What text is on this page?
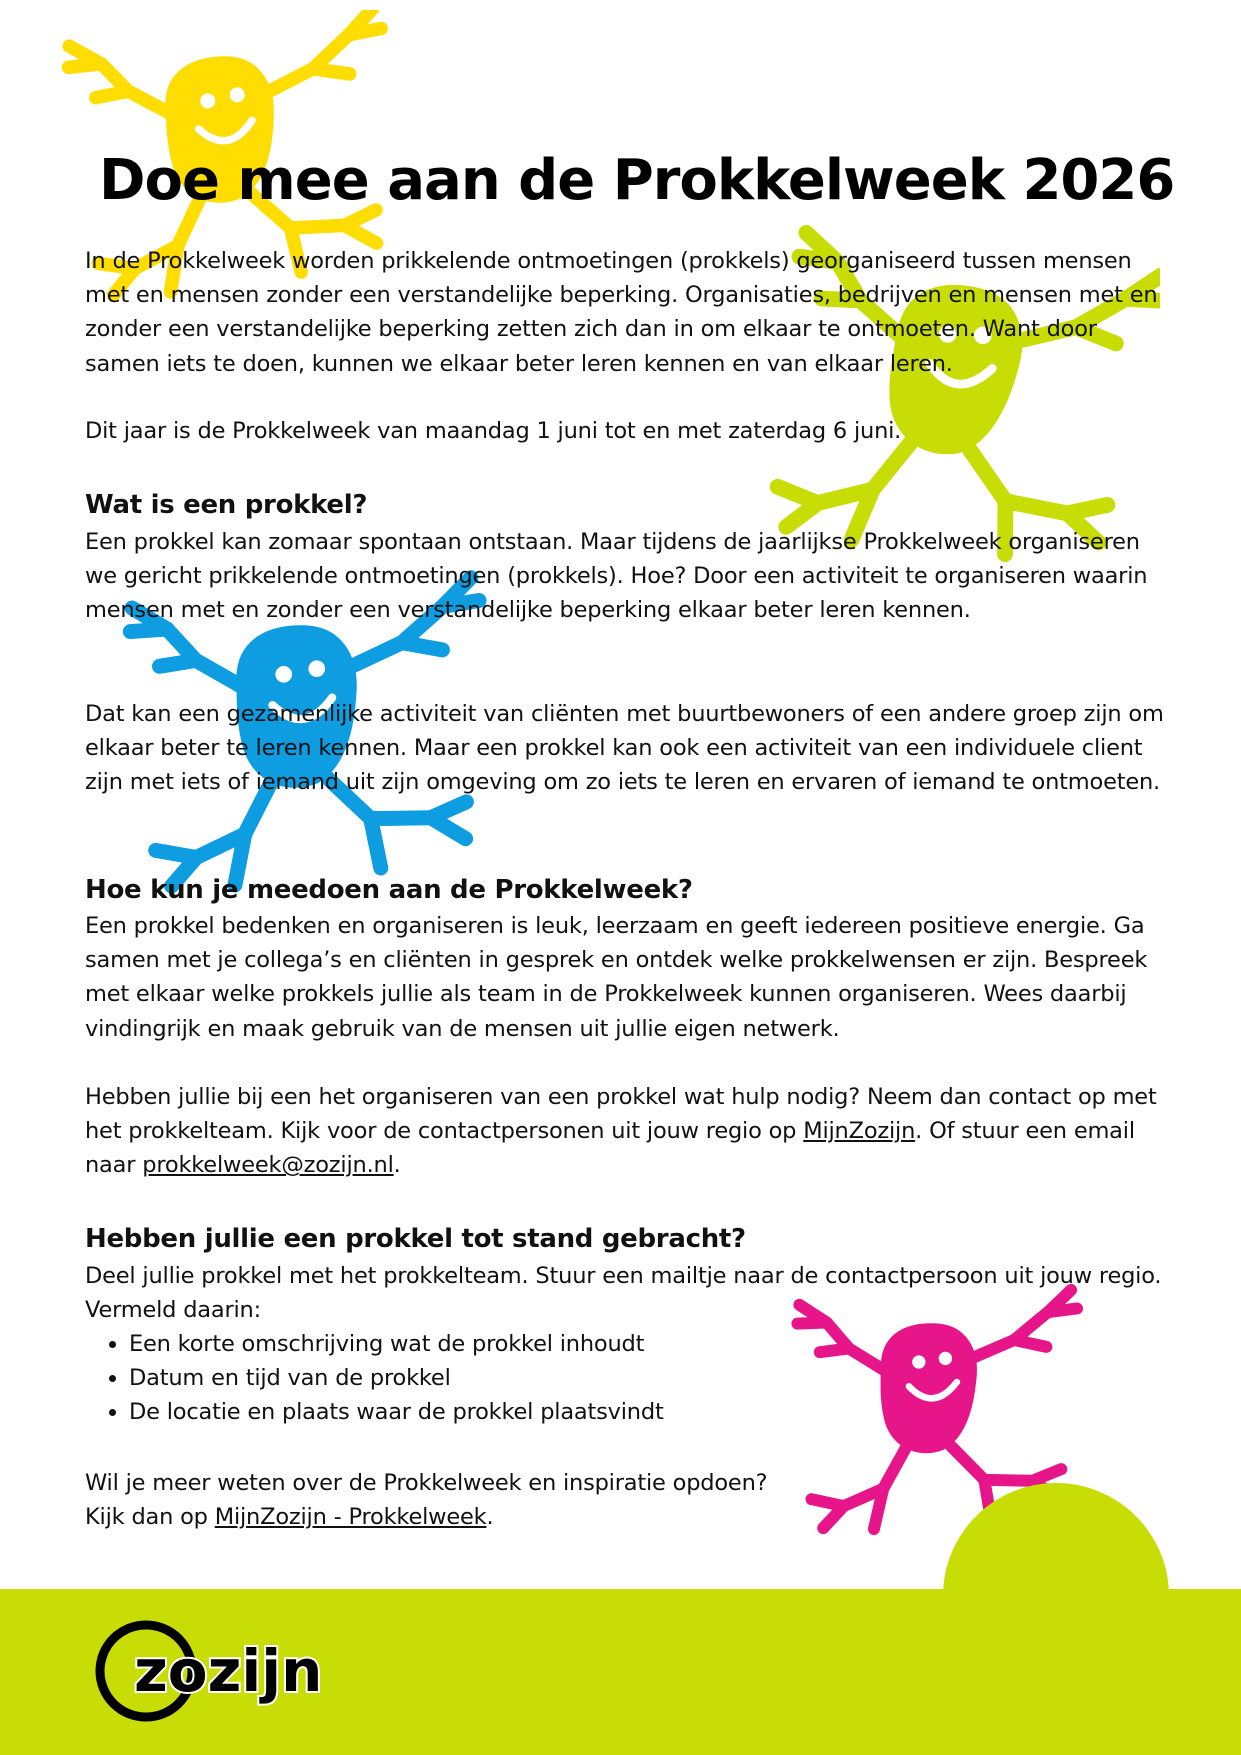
Doe mee aan de Prokkelweek 2026

In de Prokkelweek worden prikkelende ontmoetingen (prokkels) georganiseerd tussen mensen met en mensen zonder een verstandelijke beperking. Organisaties, bedrijven en mensen met en zonder een verstandelijke beperking zetten zich dan in om elkaar te ontmoeten. Want door samen iets te doen, kunnen we elkaar beter leren kennen en van elkaar leren.

Dit jaar is de Prokkelweek van maandag 1 juni tot en met zaterdag 6 juni.

Wat is een prokkel?

Een prokkel kan zomaar spontaan ontstaan. Maar tijdens de jaarlijkse Prokkelweek organiseren we gericht prikkelende ontmoetingen (prokkels). Hoe? Door een activiteit te organiseren waarin mensen met en zonder een verstandelijke beperking elkaar beter leren kennen.

Dat kan een gezamenlijke activiteit van cliënten met buurtbewoners of een andere groep zijn om elkaar beter te leren kennen. Maar een prokkel kan ook een activiteit van een individuele client zijn met iets of iemand uit zijn omgeving om zo iets te leren en ervaren of iemand te ontmoeten.

Hoe kun je meedoen aan de Prokkelweek?

Een prokkel bedenken en organiseren is leuk, leerzaam en geeft iedereen positieve energie. Ga samen met je collega’s en cliënten in gesprek en ontdek welke prokkelwensen er zijn. Bespreek met elkaar welke prokkels jullie als team in de Prokkelweek kunnen organiseren. Wees daarbij vindingrijk en maak gebruik van de mensen uit jullie eigen netwerk.

Hebben jullie bij een het organiseren van een prokkel wat hulp nodig? Neem dan contact op met het prokkelteam. Kijk voor de contactpersonen uit jouw regio op MijnZozijn. Of stuur een email naar prokkelweek@zozijn.nl.

Hebben jullie een prokkel tot stand gebracht?

Deel jullie prokkel met het prokkelteam. Stuur een mailtje naar de contactpersoon uit jouw regio. Vermeld daarin:

• Een korte omschrijving wat de prokkel inhoudt
• Datum en tijd van de prokkel
• De locatie en plaats waar de prokkel plaatsvindt

Wil je meer weten over de Prokkelweek en inspiratie opdoen?
Kijk dan op MijnZozijn - Prokkelweek.

zozijn
